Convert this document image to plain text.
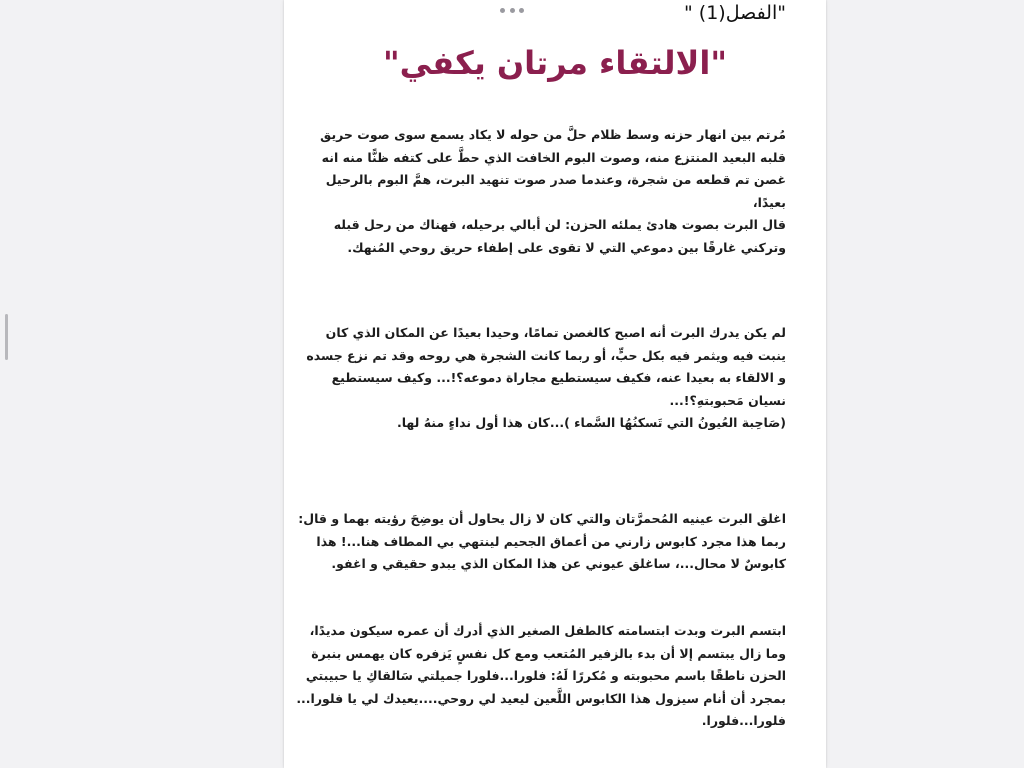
"الفصل(1) "
"الالتقاء مرتان يكفي"
مُرتم بين انهار حزنه وسط ظلام حلَّ من حوله لا يكاد يسمع سوى صوت حريق
قلبه البعيد المنتزع منه، وصوت البوم الخافت الذي حطَّ على كتفه ظنًّا منه انه
غصن تم قطعه من شجرة، وعندما صدر صوت تنهيد البرت، همَّ البوم بالرحيل
بعيدًا،
قال البرت بصوت هادئ يملئه الحزن: لن أبالي برحيله، فهناك من رحل قبله
وتركني غارقًا بين دموعي التي لا تقوى على إطفاء حريق روحي المُنهك.
لم يكن يدرك البرت أنه اصبح كالغصن تمامًا، وحيدا بعيدًا عن المكان الذي كان
ينبت فيه ويثمر فيه بكل حبٍّ، أو ربما كانت الشجرة هي روحه وقد تم نزع جسده
و الالقاء به بعيدا عنه، فكيف سيستطيع مجاراة دموعه؟!... وكيف سيستطيع
نسيان مَحبوبتهِ؟!...
(صَاحِبة العُيونُ التي تَسكنُهُا السَّماء )...كان هذا أول نداءٍ منهُ لها.
اغلق البرت عينيه المُحمرَّتان والتي كان لا زال يحاول أن يوضِحَ رؤيته بهما و قال:
ربما هذا مجرد كابوس زارني من أعماق الجحيم لينتهي بي المطاف هنا...! هذا
كابوسٌ لا محال...، ساغلق عيوني عن هذا المكان الذي يبدو حقيقي و اغفو.
ابتسم البرت وبدت ابتسامته كالطفل الصغير الذي أدرك أن عمره سيكون مديدًا،
وما زال يبتسم إلا أن بدء بالزفير المُتعب ومع كل نفسٍ يَزفره كان يهمس بنبرة
الحزن ناطقًا باسم محبوبته و مُكررًا لَهُ: فلورا...فلورا جميلتي سَالقاكِ يا حبيبتي
بمجرد أن أنام سيزول هذا الكابوس اللَّعين ليعيد لي روحي....يعيدك لي يا فلورا...
فلورا...فلورا.
